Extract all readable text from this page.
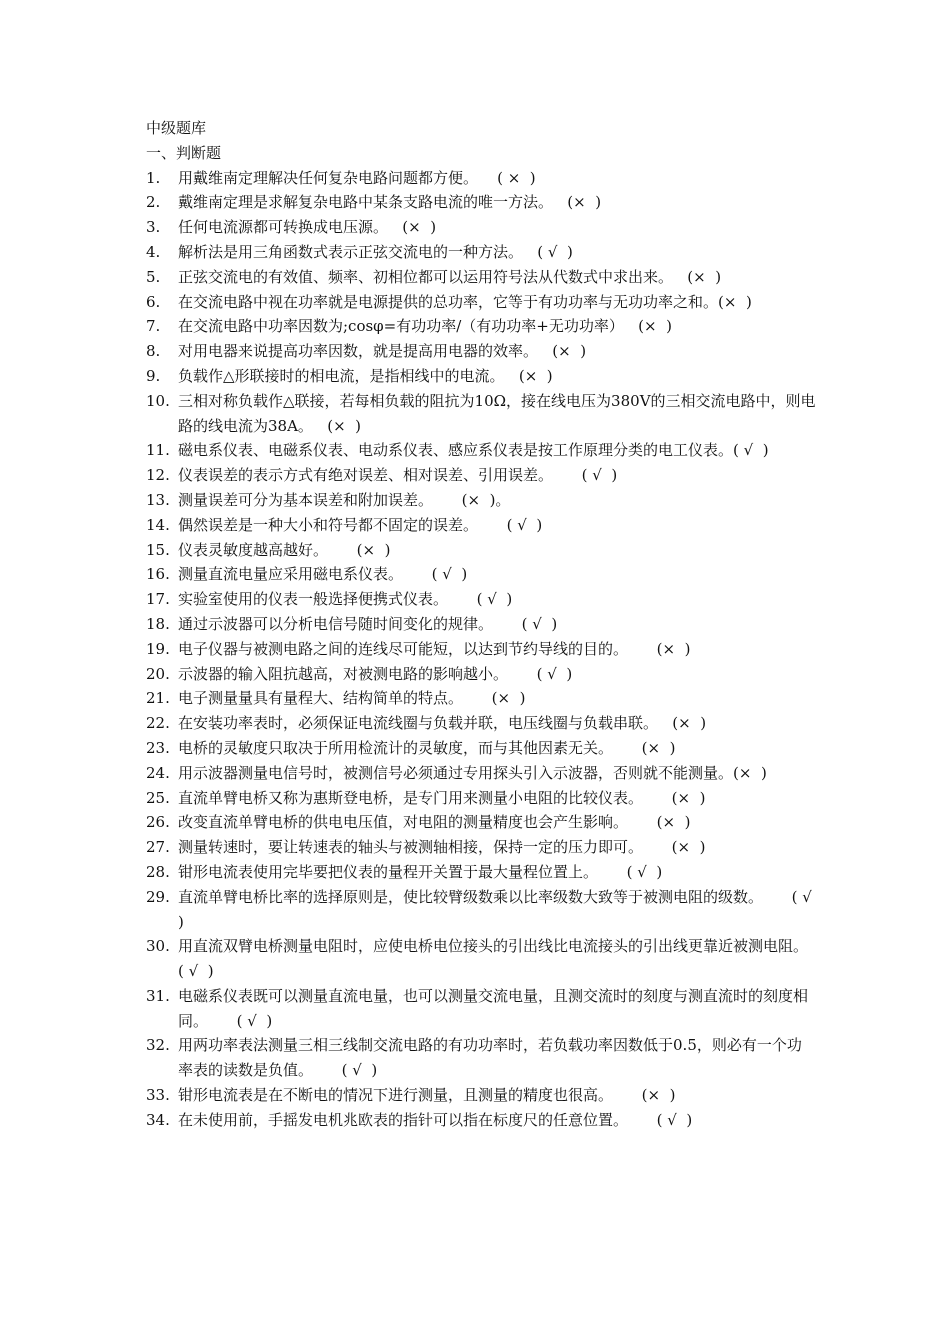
中级题库
一、判断题
1.	用戴维南定理解决任何复杂电路问题都方便。    ( ×  )
2.	戴维南定理是求解复杂电路中某条支路电流的唯一方法。   (×  )
3.	任何电流源都可转换成电压源。   (×  )
4.	解析法是用三角函数式表示正弦交流电的一种方法。   ( √  )
5.	正弦交流电的有效值、频率、初相位都可以运用符号法从代数式中求出来。   (×  )
6.	在交流电路中视在功率就是电源提供的总功率，它等于有功功率与无功功率之和。(×  )
7.	在交流电路中功率因数为;cosφ=有功功率/（有功功率+无功功率）   (×  )
8.	对用电器来说提高功率因数，就是提高用电器的效率。   (×  )
9.	负载作△形联接时的相电流，是指相线中的电流。   (×  )
10. 三相对称负载作△联接，若每相负载的阻抗为10Ω，接在线电压为380V的三相交流电路中，则电路的线电流为38A。   (×  )
11. 磁电系仪表、电磁系仪表、电动系仪表、感应系仪表是按工作原理分类的电工仪表。( √  )
12. 仪表误差的表示方式有绝对误差、相对误差、引用误差。      ( √  )
13. 测量误差可分为基本误差和附加误差。      (×  )。
14. 偶然误差是一种大小和符号都不固定的误差。      ( √  )
15. 仪表灵敏度越高越好。      (×  )
16. 测量直流电量应采用磁电系仪表。      ( √  )
17. 实验室使用的仪表一般选择便携式仪表。      ( √  )
18. 通过示波器可以分析电信号随时间变化的规律。      ( √  )
19. 电子仪器与被测电路之间的连线尽可能短，以达到节约导线的目的。      (×  )
20. 示波器的输入阻抗越高，对被测电路的影响越小。      ( √  )
21. 电子测量量具有量程大、结构简单的特点。      (×  )
22. 在安装功率表时，必须保证电流线圈与负载并联，电压线圈与负载串联。   (×  )
23. 电桥的灵敏度只取决于所用检流计的灵敏度，而与其他因素无关。      (×  )
24. 用示波器测量电信号时，被测信号必须通过专用探头引入示波器，否则就不能测量。(×  )
25. 直流单臂电桥又称为惠斯登电桥，是专门用来测量小电阻的比较仪表。      (×  )
26. 改变直流单臂电桥的供电电压值，对电阻的测量精度也会产生影响。      (×  )
27. 测量转速时，要让转速表的轴头与被测轴相接，保持一定的压力即可。      (×  )
28. 钳形电流表使用完毕要把仪表的量程开关置于最大量程位置上。      ( √  )
29. 直流单臂电桥比率的选择原则是，使比较臂级数乘以比率级数大致等于被测电阻的级数。      ( √  )
30. 用直流双臂电桥测量电阻时，应使电桥电位接头的引出线比电流接头的引出线更靠近被测电阻。      ( √  )
31. 电磁系仪表既可以测量直流电量，也可以测量交流电量，且测交流时的刻度与测直流时的刻度相同。      ( √  )
32. 用两功率表法测量三相三线制交流电路的有功功率时，若负载功率因数低于0.5，则必有一个功率表的读数是负值。      ( √  )
33. 钳形电流表是在不断电的情况下进行测量，且测量的精度也很高。      (×  )
34. 在未使用前，手摇发电机兆欧表的指针可以指在标度尺的任意位置。      ( √  )
